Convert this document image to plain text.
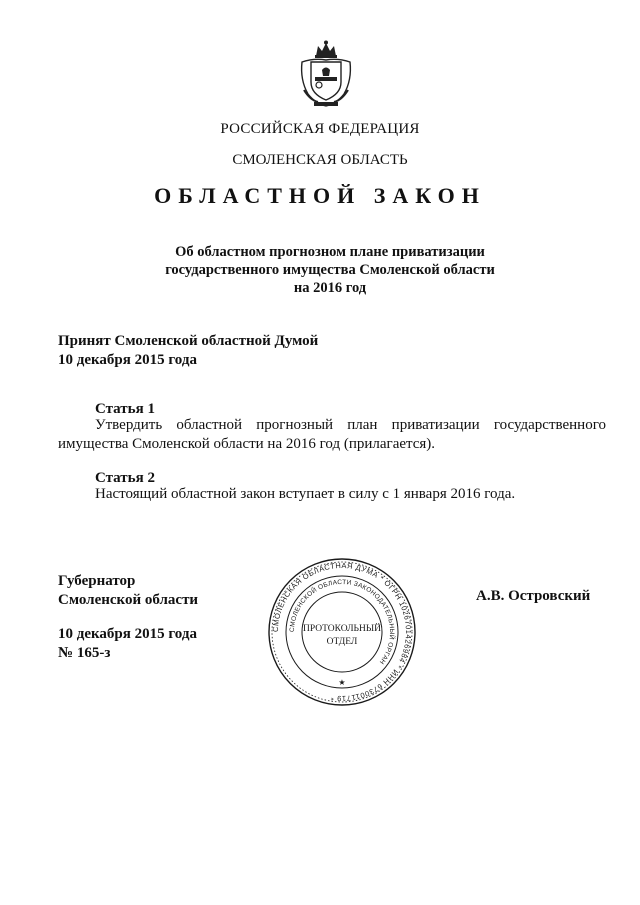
РОССИЙСКАЯ ФЕДЕРАЦИЯ
СМОЛЕНСКАЯ ОБЛАСТЬ
ОБЛАСТНОЙ ЗАКОН
Об областном прогнозном плане приватизации
государственного имущества Смоленской области
на 2016 год
Принят Смоленской областной Думой
10 декабря 2015 года
Статья 1
Утвердить областной прогнозный план приватизации государственного имущества Смоленской области на 2016 год (прилагается).
Статья 2
Настоящий областной закон вступает в силу с 1 января 2016 года.
Губернатор
Смоленской области
10 декабря 2015 года
№ 165-з
А.В. Островский
СМОЛЕНСКАЯ ОБЛАСТНАЯ ДУМА * ОГРН 1026701426984 * ИНН 6730011719 *
СМОЛЕНСКОЙ ОБЛАСТИ ЗАКОНОДАТЕЛЬНЫЙ ОРГАН
ПРОТОКОЛЬНЫЙ
ОТДЕЛ
★
